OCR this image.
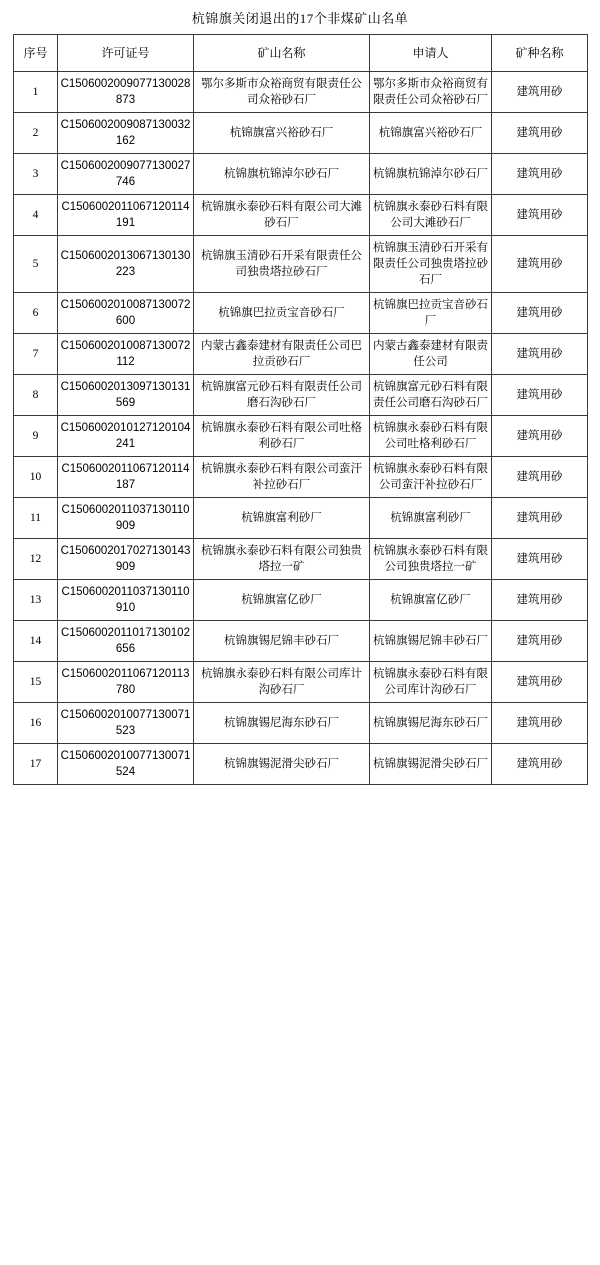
杭锦旗关闭退出的17个非煤矿山名单
序号	许可证号	矿山名称	申请人	矿种名称
1	C1506002009077130028873	鄂尔多斯市众裕商贸有限责任公司众裕砂石厂	鄂尔多斯市众裕商贸有限责任公司众裕砂石厂	建筑用砂
2	C1506002009087130032162	杭锦旗富兴裕砂石厂	杭锦旗富兴裕砂石厂	建筑用砂
3	C1506002009077130027746	杭锦旗杭锦淖尔砂石厂	杭锦旗杭锦淖尔砂石厂	建筑用砂
4	C1506002011067120114191	杭锦旗永泰砂石料有限公司大滩砂石厂	杭锦旗永泰砂石料有限公司大滩砂石厂	建筑用砂
5	C1506002013067130130223	杭锦旗玉清砂石开采有限责任公司独贵塔拉砂石厂	杭锦旗玉清砂石开采有限责任公司独贵塔拉砂石厂	建筑用砂
6	C1506002010087130072600	杭锦旗巴拉贡宝音砂石厂	杭锦旗巴拉贡宝音砂石厂	建筑用砂
7	C1506002010087130072112	内蒙古鑫泰建材有限责任公司巴拉贡砂石厂	内蒙古鑫泰建材有限责任公司	建筑用砂
8	C1506002013097130131569	杭锦旗富元砂石料有限责任公司磨石沟砂石厂	杭锦旗富元砂石料有限责任公司磨石沟砂石厂	建筑用砂
9	C1506002010127120104241	杭锦旗永泰砂石料有限公司吐格利砂石厂	杭锦旗永泰砂石料有限公司吐格利砂石厂	建筑用砂
10	C1506002011067120114187	杭锦旗永泰砂石料有限公司蛮汗补拉砂石厂	杭锦旗永泰砂石料有限公司蛮汗补拉砂石厂	建筑用砂
11	C1506002011037130110909	杭锦旗富利砂厂	杭锦旗富利砂厂	建筑用砂
12	C1506002017027130143909	杭锦旗永泰砂石料有限公司独贵塔拉一矿	杭锦旗永泰砂石料有限公司独贵塔拉一矿	建筑用砂
13	C1506002011037130110910	杭锦旗富亿砂厂	杭锦旗富亿砂厂	建筑用砂
14	C1506002011017130102656	杭锦旗锡尼锦丰砂石厂	杭锦旗锡尼锦丰砂石厂	建筑用砂
15	C1506002011067120113780	杭锦旗永泰砂石料有限公司库计沟砂石厂	杭锦旗永泰砂石料有限公司库计沟砂石厂	建筑用砂
16	C1506002010077130071523	杭锦旗锡尼海东砂石厂	杭锦旗锡尼海东砂石厂	建筑用砂
17	C1506002010077130071524	杭锦旗锡泥滑尖砂石厂	杭锦旗锡泥滑尖砂石厂	建筑用砂
